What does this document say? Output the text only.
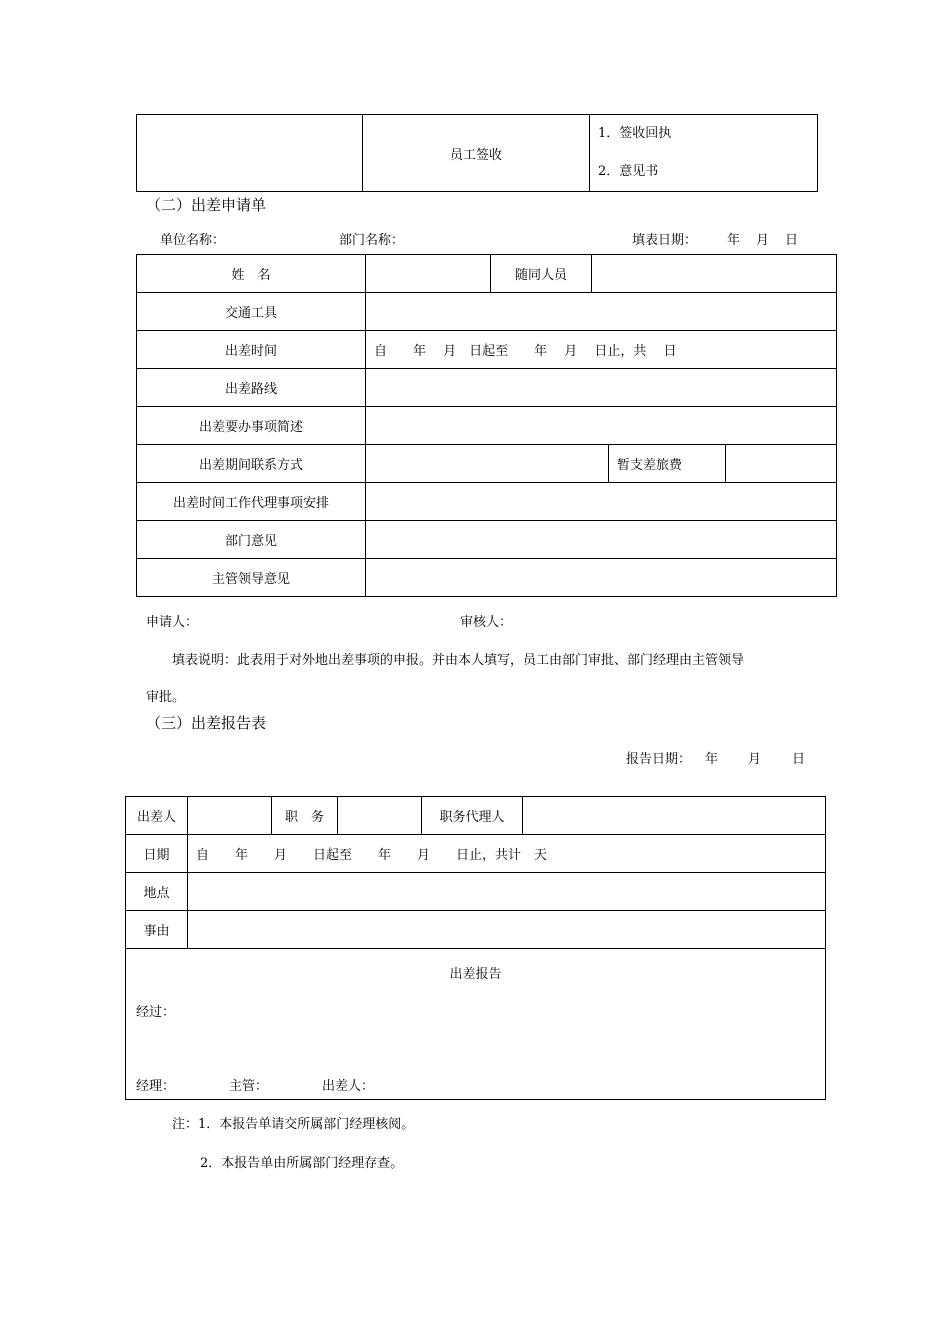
	员工签收	
1．签收回执
2．意见书
（二）出差申请单
单位名称：	部门名称：	填表日期： 年 月 日
姓　名		随同人员			
交通工具					
出差时间	自　　年　 月　日起至　　年　 月　 日止，共　 日				
出差路线					
出差要办事项简述					
出差期间联系方式				暂支差旅费	
出差时间工作代理事项安排					
部门意见					
主管领导意见					
申请人：	审核人：
填表说明：此表用于对外地出差事项的申报。并由本人填写，员工由部门审批、部门经理由主管领导
审批。
（三）出差报告表
报告日期： 年 月 日
出差人		职　务		职务代理人	
日期	自　　年　　月　　日起至　　年　　月　　日止，共计　天				
地点					
事由					

出差报告
经过：
经理： 主管： 出差人：					
注：1．本报告单请交所属部门经理核阅。
2．本报告单由所属部门经理存查。
